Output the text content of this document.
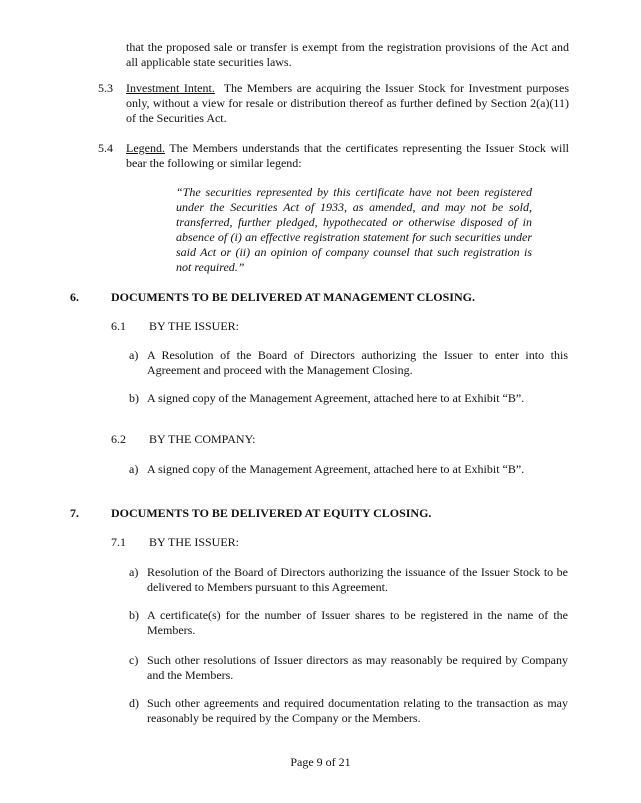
that the proposed sale or transfer is exempt from the registration provisions of the Act and all applicable state securities laws.
5.3 Investment Intent. The Members are acquiring the Issuer Stock for Investment purposes only, without a view for resale or distribution thereof as further defined by Section 2(a)(11) of the Securities Act.
5.4 Legend. The Members understands that the certificates representing the Issuer Stock will bear the following or similar legend:
“The securities represented by this certificate have not been registered under the Securities Act of 1933, as amended, and may not be sold, transferred, further pledged, hypothecated or otherwise disposed of in absence of (i) an effective registration statement for such securities under said Act or (ii) an opinion of company counsel that such registration is not required.”
6.	DOCUMENTS TO BE DELIVERED AT MANAGEMENT CLOSING.
6.1 BY THE ISSUER:
a) A Resolution of the Board of Directors authorizing the Issuer to enter into this Agreement and proceed with the Management Closing.
b) A signed copy of the Management Agreement, attached here to at Exhibit “B”.
6.2 BY THE COMPANY:
a) A signed copy of the Management Agreement, attached here to at Exhibit “B”.
7.	DOCUMENTS TO BE DELIVERED AT EQUITY CLOSING.
7.1 BY THE ISSUER:
a) Resolution of the Board of Directors authorizing the issuance of the Issuer Stock to be delivered to Members pursuant to this Agreement.
b) A certificate(s) for the number of Issuer shares to be registered in the name of the Members.
c) Such other resolutions of Issuer directors as may reasonably be required by Company and the Members.
d) Such other agreements and required documentation relating to the transaction as may reasonably be required by the Company or the Members.
Page 9 of 21
